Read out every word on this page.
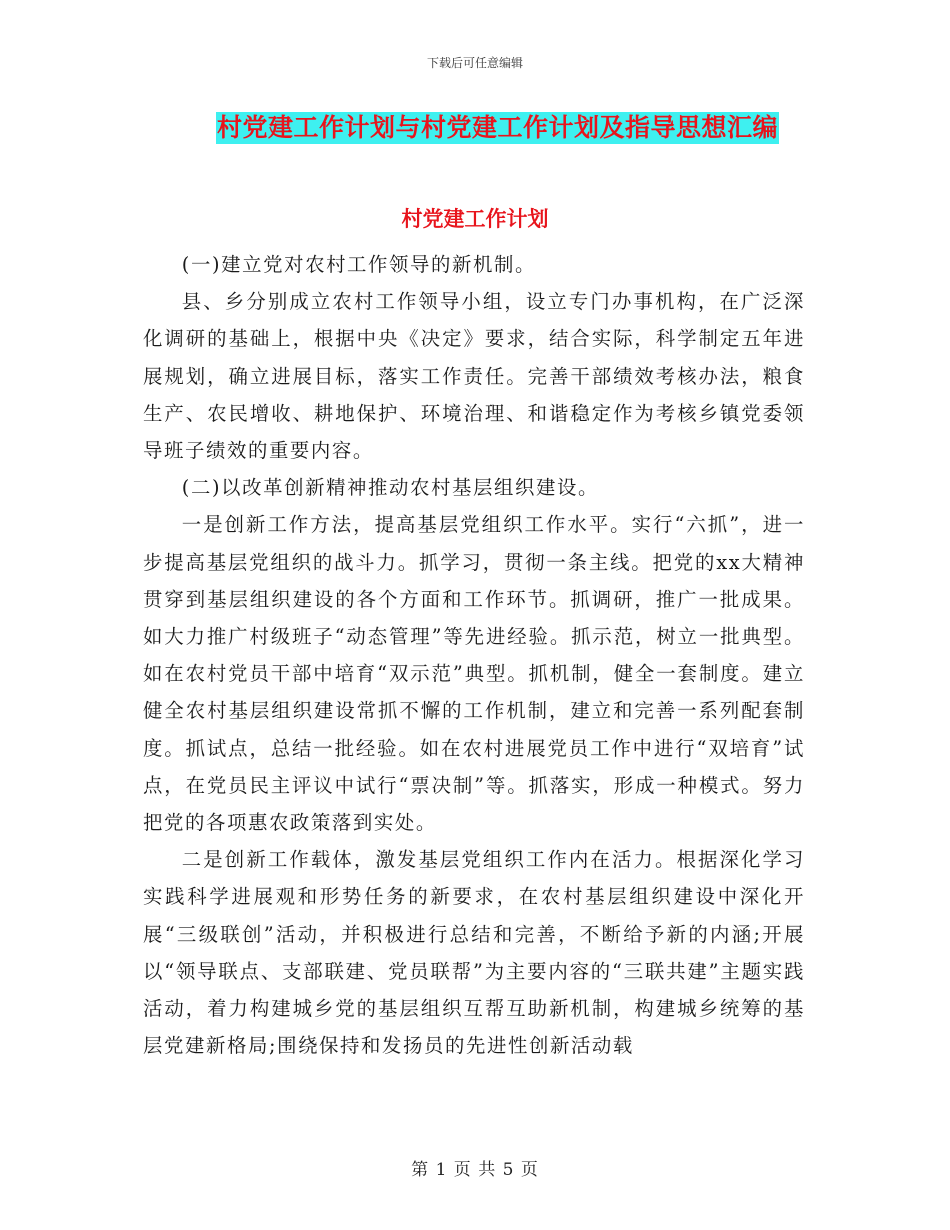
下载后可任意编辑
村党建工作计划与村党建工作计划及指导思想汇编
村党建工作计划

(一)建立党对农村工作领导的新机制。

县、乡分别成立农村工作领导小组，设立专门办事机构，在广泛深化调研的基础上，根据中央《决定》要求，结合实际，科学制定五年进展规划，确立进展目标，落实工作责任。完善干部绩效考核办法，粮食生产、农民增收、耕地保护、环境治理、和谐稳定作为考核乡镇党委领导班子绩效的重要内容。

(二)以改革创新精神推动农村基层组织建设。

一是创新工作方法，提高基层党组织工作水平。实行“六抓”，进一步提高基层党组织的战斗力。抓学习，贯彻一条主线。把党的xx大精神贯穿到基层组织建设的各个方面和工作环节。抓调研，推广一批成果。如大力推广村级班子“动态管理”等先进经验。抓示范，树立一批典型。如在农村党员干部中培育“双示范”典型。抓机制，健全一套制度。建立健全农村基层组织建设常抓不懈的工作机制，建立和完善一系列配套制度。抓试点，总结一批经验。如在农村进展党员工作中进行“双培育”试点，在党员民主评议中试行“票决制”等。抓落实，形成一种模式。努力把党的各项惠农政策落到实处。

二是创新工作载体，激发基层党组织工作内在活力。根据深化学习实践科学进展观和形势任务的新要求，在农村基层组织建设中深化开展“三级联创”活动，并积极进行总结和完善，不断给予新的内涵;开展以“领导联点、支部联建、党员联帮”为主要内容的“三联共建”主题实践活动，着力构建城乡党的基层组织互帮互助新机制，构建城乡统筹的基层党建新格局;围绕保持和发扬员的先进性创新活动载

第 1 页 共 5 页
